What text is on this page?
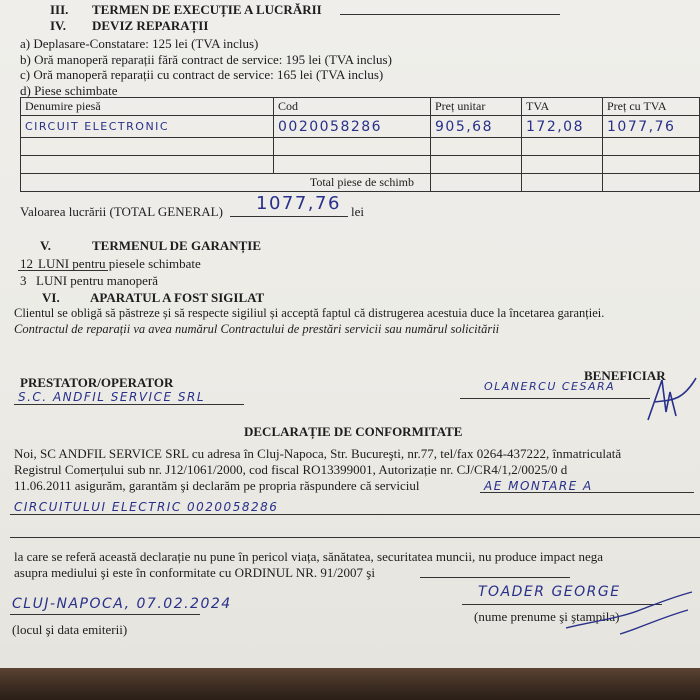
III. TERMEN DE EXECUȚIE A LUCRĂRII
IV. DEVIZ REPARAȚII
a) Deplasare-Constatare: 125 lei (TVA inclus)
b) Oră manoperă reparații fără contract de service: 195 lei (TVA inclus)
c) Oră manoperă reparații cu contract de service: 165 lei (TVA inclus)
d) Piese schimbate
Denumire piesă	Cod	Preț unitar	TVA	Preț cu TVA
CIRCUIT ELECTRONIC	0020058286	905,68	172,08	1077,76

Total piese de schimb				
Valoarea lucrării (TOTAL GENERAL) 1077,76 lei
V.	TERMENUL DE GARANȚIE
12 LUNI pentru piesele schimbate
3 LUNI pentru manoperă
VI. APARATUL A FOST SIGILAT
Clientul se obligă să păstreze și să respecte sigiliul și acceptă faptul că distrugerea acestuia duce la încetarea garanției.
Contractul de reparații va avea numărul Contractului de prestări servicii sau numărul solicitării
BENEFICIAR
PRESTATOR/OPERATOR
S.C. ANDFIL SERVICE SRL
OLANERCU CESARA
DECLARAȚIE DE CONFORMITATE
Noi, SC ANDFIL SERVICE SRL cu adresa în Cluj-Napoca, Str. Bucureşti, nr.77, tel/fax 0264-437222, înmatriculată
Registrul Comerțului sub nr. J12/1061/2000, cod fiscal RO13399001, Autorizație nr. CJ/CR4/1,2/0025/0 d
11.06.2011 asigurăm, garantăm şi declarăm pe propria răspundere că serviciul	AE MONTARE A
CIRCUITULUI ELECTRIC 0020058286
la care se referă această declarație nu pune în pericol viața, sănătatea, securitatea muncii, nu produce impact nega
asupra mediului şi este în conformitate cu ORDINUL NR. 91/2007 şi
CLUJ-NAPOCA, 07.02.2024
(locul şi data emiterii)
TOADER GEORGE
(nume prenume şi ştampila)
